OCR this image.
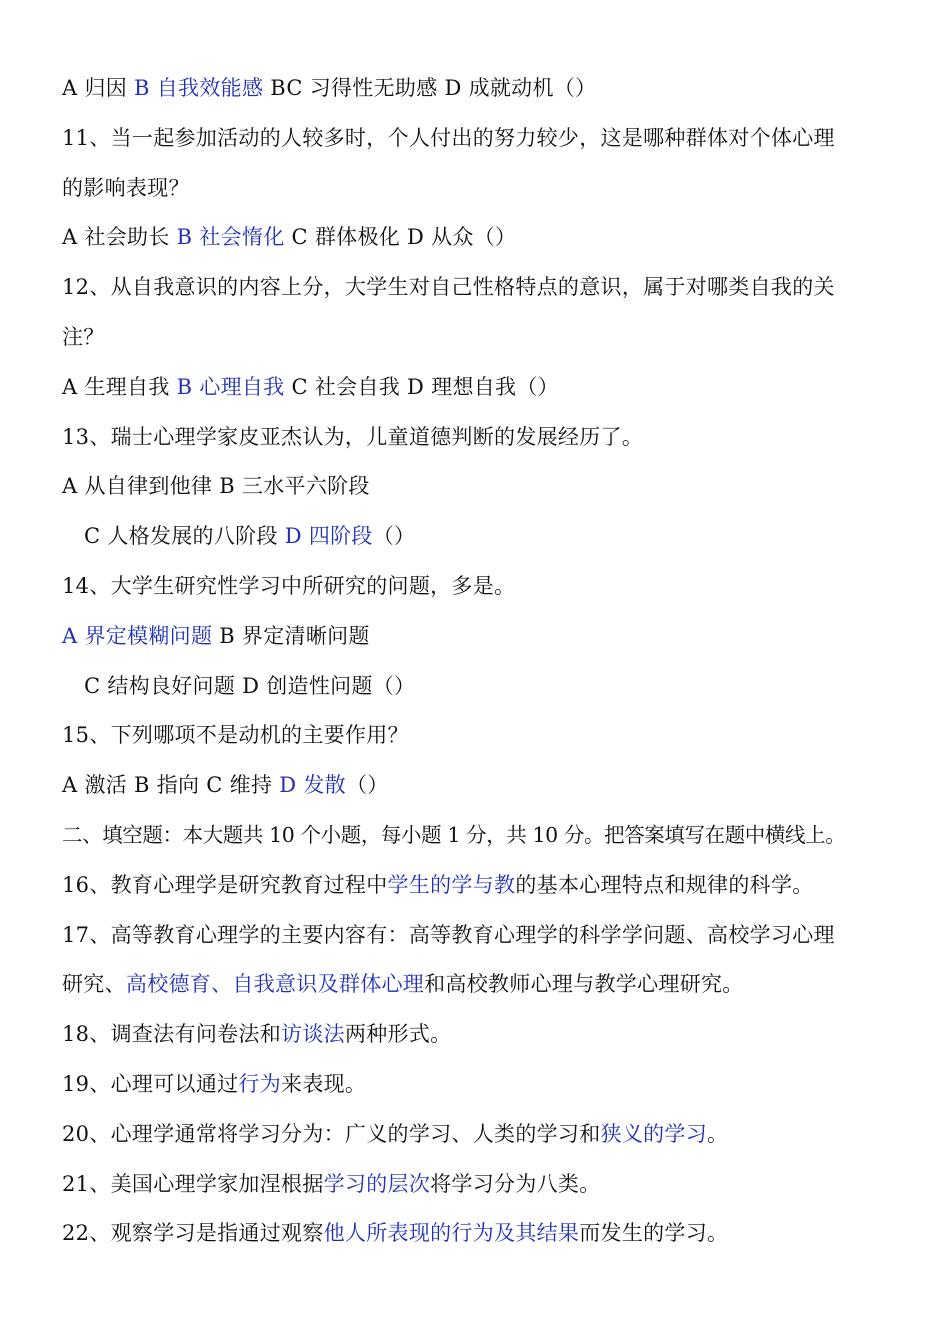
A 归因 B 自我效能感 BC 习得性无助感 D 成就动机（）
11、当一起参加活动的人较多时，个人付出的努力较少，这是哪种群体对个体心理
的影响表现？
A 社会助长 B 社会惰化 C 群体极化 D 从众（）
12、从自我意识的内容上分，大学生对自己性格特点的意识，属于对哪类自我的关
注？
A 生理自我 B 心理自我 C 社会自我 D 理想自我（）
13、瑞士心理学家皮亚杰认为，儿童道德判断的发展经历了。
A 从自律到他律 B 三水平六阶段
C 人格发展的八阶段 D 四阶段（）
14、大学生研究性学习中所研究的问题，多是。
A 界定模糊问题 B 界定清晰问题
C 结构良好问题 D 创造性问题（）
15、下列哪项不是动机的主要作用？
A 激活 B 指向 C 维持 D 发散（）
二、填空题：本大题共 10 个小题，每小题 1 分，共 10 分。把答案填写在题中横线上。
16、教育心理学是研究教育过程中学生的学与教的基本心理特点和规律的科学。
17、高等教育心理学的主要内容有：高等教育心理学的科学学问题、高校学习心理
研究、高校德育、自我意识及群体心理和高校教师心理与教学心理研究。
18、调查法有问卷法和访谈法两种形式。
19、心理可以通过行为来表现。
20、心理学通常将学习分为：广义的学习、人类的学习和狭义的学习。
21、美国心理学家加涅根据学习的层次将学习分为八类。
22、观察学习是指通过观察他人所表现的行为及其结果而发生的学习。
